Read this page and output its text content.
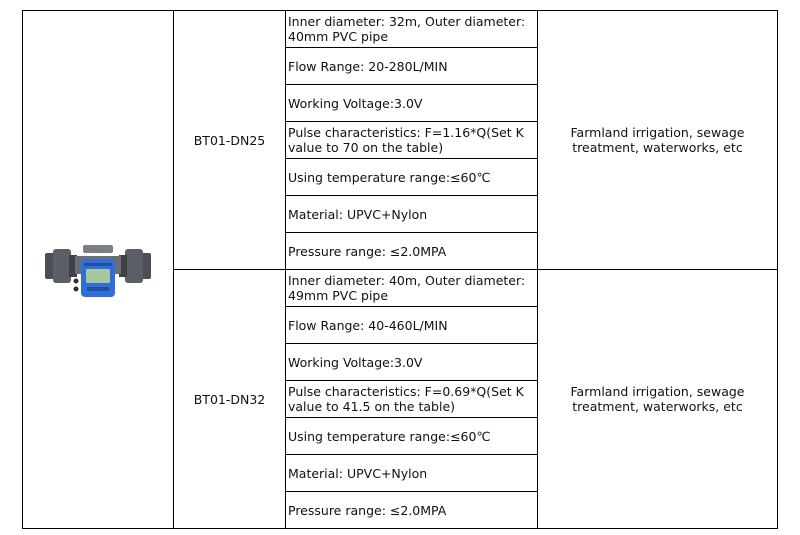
	BT01-DN25	Inner diameter: 32m, Outer diameter: 40mm PVC pipe	Farmland irrigation, sewage treatment, waterworks, etc
		Flow Range: 20-280L/MIN	
		Working Voltage:3.0V	
		Pulse characteristics: F=1.16*Q(Set K value to 70 on the table)	
		Using temperature range:≤60℃	
		Material: UPVC+Nylon	
		Pressure range: ≤2.0MPA	
	BT01-DN32	Inner diameter: 40m, Outer diameter: 49mm PVC pipe	Farmland irrigation, sewage treatment, waterworks, etc
		Flow Range: 40-460L/MIN	
		Working Voltage:3.0V	
		Pulse characteristics: F=0.69*Q(Set K value to 41.5 on the table)	
		Using temperature range:≤60℃	
		Material: UPVC+Nylon	
		Pressure range: ≤2.0MPA	
